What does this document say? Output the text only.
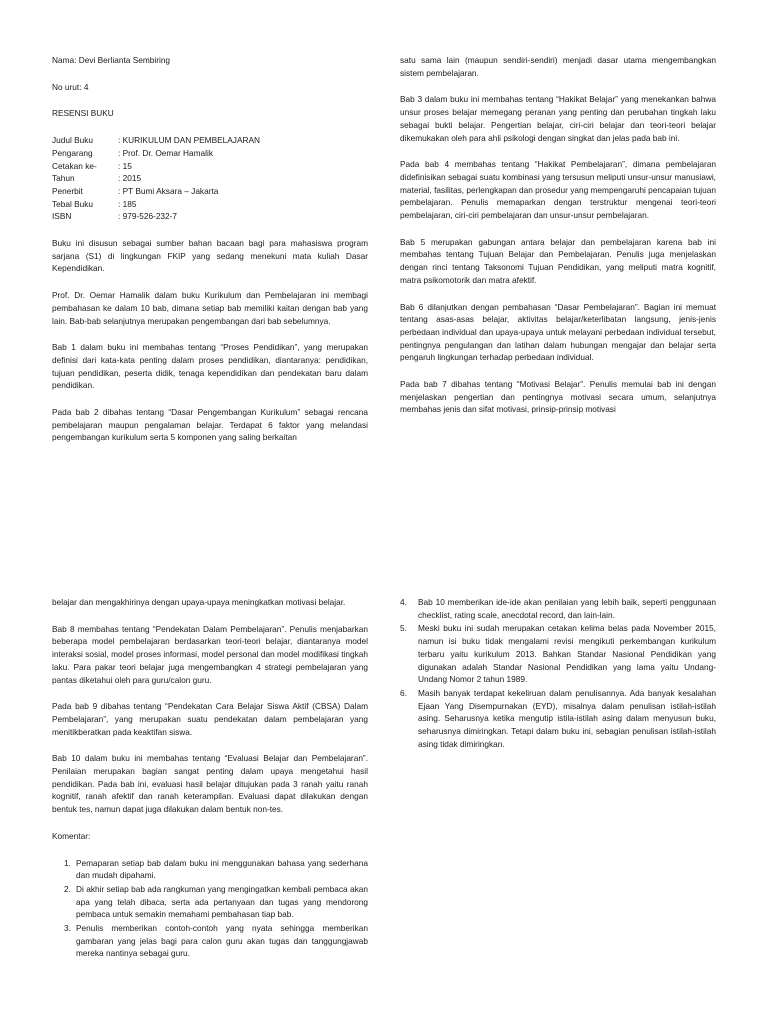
Nama: Devi Berlianta Sembiring

No urut: 4

RESENSI BUKU

Judul Buku	: KURIKULUM DAN PEMBELAJARAN
Pengarang	: Prof. Dr. Oemar Hamalik
Cetakan ke-	: 15
Tahun	: 2015
Penerbit	: PT Bumi Aksara – Jakarta
Tebal Buku	: 185
ISBN	: 979-526-232-7

Buku ini disusun sebagai sumber bahan bacaan bagi para mahasiswa program sarjana (S1) di lingkungan FKIP yang sedang menekuni mata kuliah Dasar Kependidikan.

Prof. Dr. Oemar Hamalik dalam buku Kurikulum dan Pembelajaran ini membagi pembahasan ke dalam 10 bab, dimana setiap bab memiliki kaitan dengan bab yang lain. Bab-bab selanjutnya merupakan pengembangan dari bab sebelumnya.

Bab 1 dalam buku ini membahas tentang “Proses Pendidikan”, yang merupakan definisi dari kata-kata penting dalam proses pendidikan, diantaranya: pendidikan, tujuan pendidikan, peserta didik, tenaga kependidikan dan pendekatan baru dalam pendidikan.

Pada bab 2 dibahas tentang “Dasar Pengembangan Kurikulum” sebagai rencana pembelajaran maupun pengalaman belajar. Terdapat 6 faktor yang melandasi pengembangan kurikulum serta 5 komponen yang saling berkaitan

satu sama lain (maupun sendiri-sendiri) menjadi dasar utama mengembangkan sistem pembelajaran.

Bab 3 dalam buku ini membahas tentang “Hakikat Belajar” yang menekankan bahwa unsur proses belajar memegang peranan yang penting dan perubahan tingkah laku sebagai bukti belajar. Pengertian belajar, ciri-ciri belajar dan teori-teori belajar dikemukakan oleh para ahli psikologi dengan singkat dan jelas pada bab ini.

Pada bab 4 membahas tentang “Hakikat Pembelajaran”, dimana pembelajaran didefinisikan sebagai suatu kombinasi yang tersusun meliputi unsur-unsur manusiawi, material, fasilitas, perlengkapan dan prosedur yang mempengaruhi pencapaian tujuan pembelajaran. Penulis memaparkan dengan terstruktur mengenai teori-teori pembelajaran, ciri-ciri pembelajaran dan unsur-unsur pembelajaran.

Bab 5 merupakan gabungan antara belajar dan pembelajaran karena bab ini membahas tentang Tujuan Belajar dan Pembelajaran. Penulis juga menjelaskan dengan rinci tentang Taksonomi Tujuan Pendidikan, yang meliputi matra kognitif, matra psikomotorik dan matra afektif.

Bab 6 dilanjutkan dengan pembahasan “Dasar Pembelajaran”. Bagian ini memuat tentang asas-asas belajar, aktivitas belajar/keterlibatan langsung, jenis-jenis perbedaan individual dan upaya-upaya untuk melayani perbedaan individual tersebut, pentingnya pengulangan dan latihan dalam hubungan mengajar dan belajar serta pengaruh lingkungan terhadap perbedaan individual.

Pada bab 7 dibahas tentang “Motivasi Belajar”. Penulis memulai bab ini dengan menjelaskan pengertian dan pentingnya motivasi secara umum, selanjutnya membahas jenis dan sifat motivasi, prinsip-prinsip motivasi

belajar dan mengakhirinya dengan upaya-upaya meningkatkan motivasi belajar.

Bab 8 membahas tentang “Pendekatan Dalam Pembelajaran”. Penulis menjabarkan beberapa model pembelajaran berdasarkan teori-teori belajar, diantaranya model interaksi sosial, model proses informasi, model personal dan model modifikasi tingkah laku. Para pakar teori belajar juga mengembangkan 4 strategi pembelajaran yang pantas diketahui oleh para guru/calon guru.

Pada bab 9 dibahas tentang “Pendekatan Cara Belajar Siswa Aktif (CBSA) Dalam Pembelajaran”, yang merupakan suatu pendekatan dalam pembelajaran yang menitikberatkan pada keaktifan siswa.

Bab 10 dalam buku ini membahas tentang “Evaluasi Belajar dan Pembelajaran”. Penilaian merupakan bagian sangat penting dalam upaya mengetahui hasil pendidikan. Pada bab ini, evaluasi hasil belajar ditujukan pada 3 ranah yaitu ranah kognitif, ranah afektif dan ranah keterampilan. Evaluasi dapat dilakukan dengan bentuk tes, namun dapat juga dilakukan dalam bentuk non-tes.

Komentar:

1. Pemaparan setiap bab dalam buku ini menggunakan bahasa yang sederhana dan mudah dipahami.
2. Di akhir setiap bab ada rangkuman yang mengingatkan kembali pembaca akan apa yang telah dibaca, serta ada pertanyaan dan tugas yang mendorong pembaca untuk semakin memahami pembahasan tiap bab.
3. Penulis memberikan contoh-contoh yang nyata sehingga memberikan gambaran yang jelas bagi para calon guru akan tugas dan tanggungjawab mereka nantinya sebagai guru.
4. Bab 10 memberikan ide-ide akan penilaian yang lebih baik, seperti penggunaan checklist, rating scale, anecdotal record, dan lain-lain.
5. Meski buku ini sudah merupakan cetakan kelima belas pada November 2015, namun isi buku tidak mengalami revisi mengikuti perkembangan kurikulum terbaru yaitu kurikulum 2013. Bahkan Standar Nasional Pendidikan yang digunakan adalah Standar Nasional Pendidikan yang lama yaitu Undang-Undang Nomor 2 tahun 1989.
6. Masih banyak terdapat kekeliruan dalam penulisannya. Ada banyak kesalahan Ejaan Yang Disempurnakan (EYD), misalnya dalam penulisan istilah-istilah asing. Seharusnya ketika mengutip istila-istilah asing dalam menyusun buku, seharusnya dimiringkan. Tetapi dalam buku ini, sebagian penulisan istilah-istilah asing tidak dimiringkan.
